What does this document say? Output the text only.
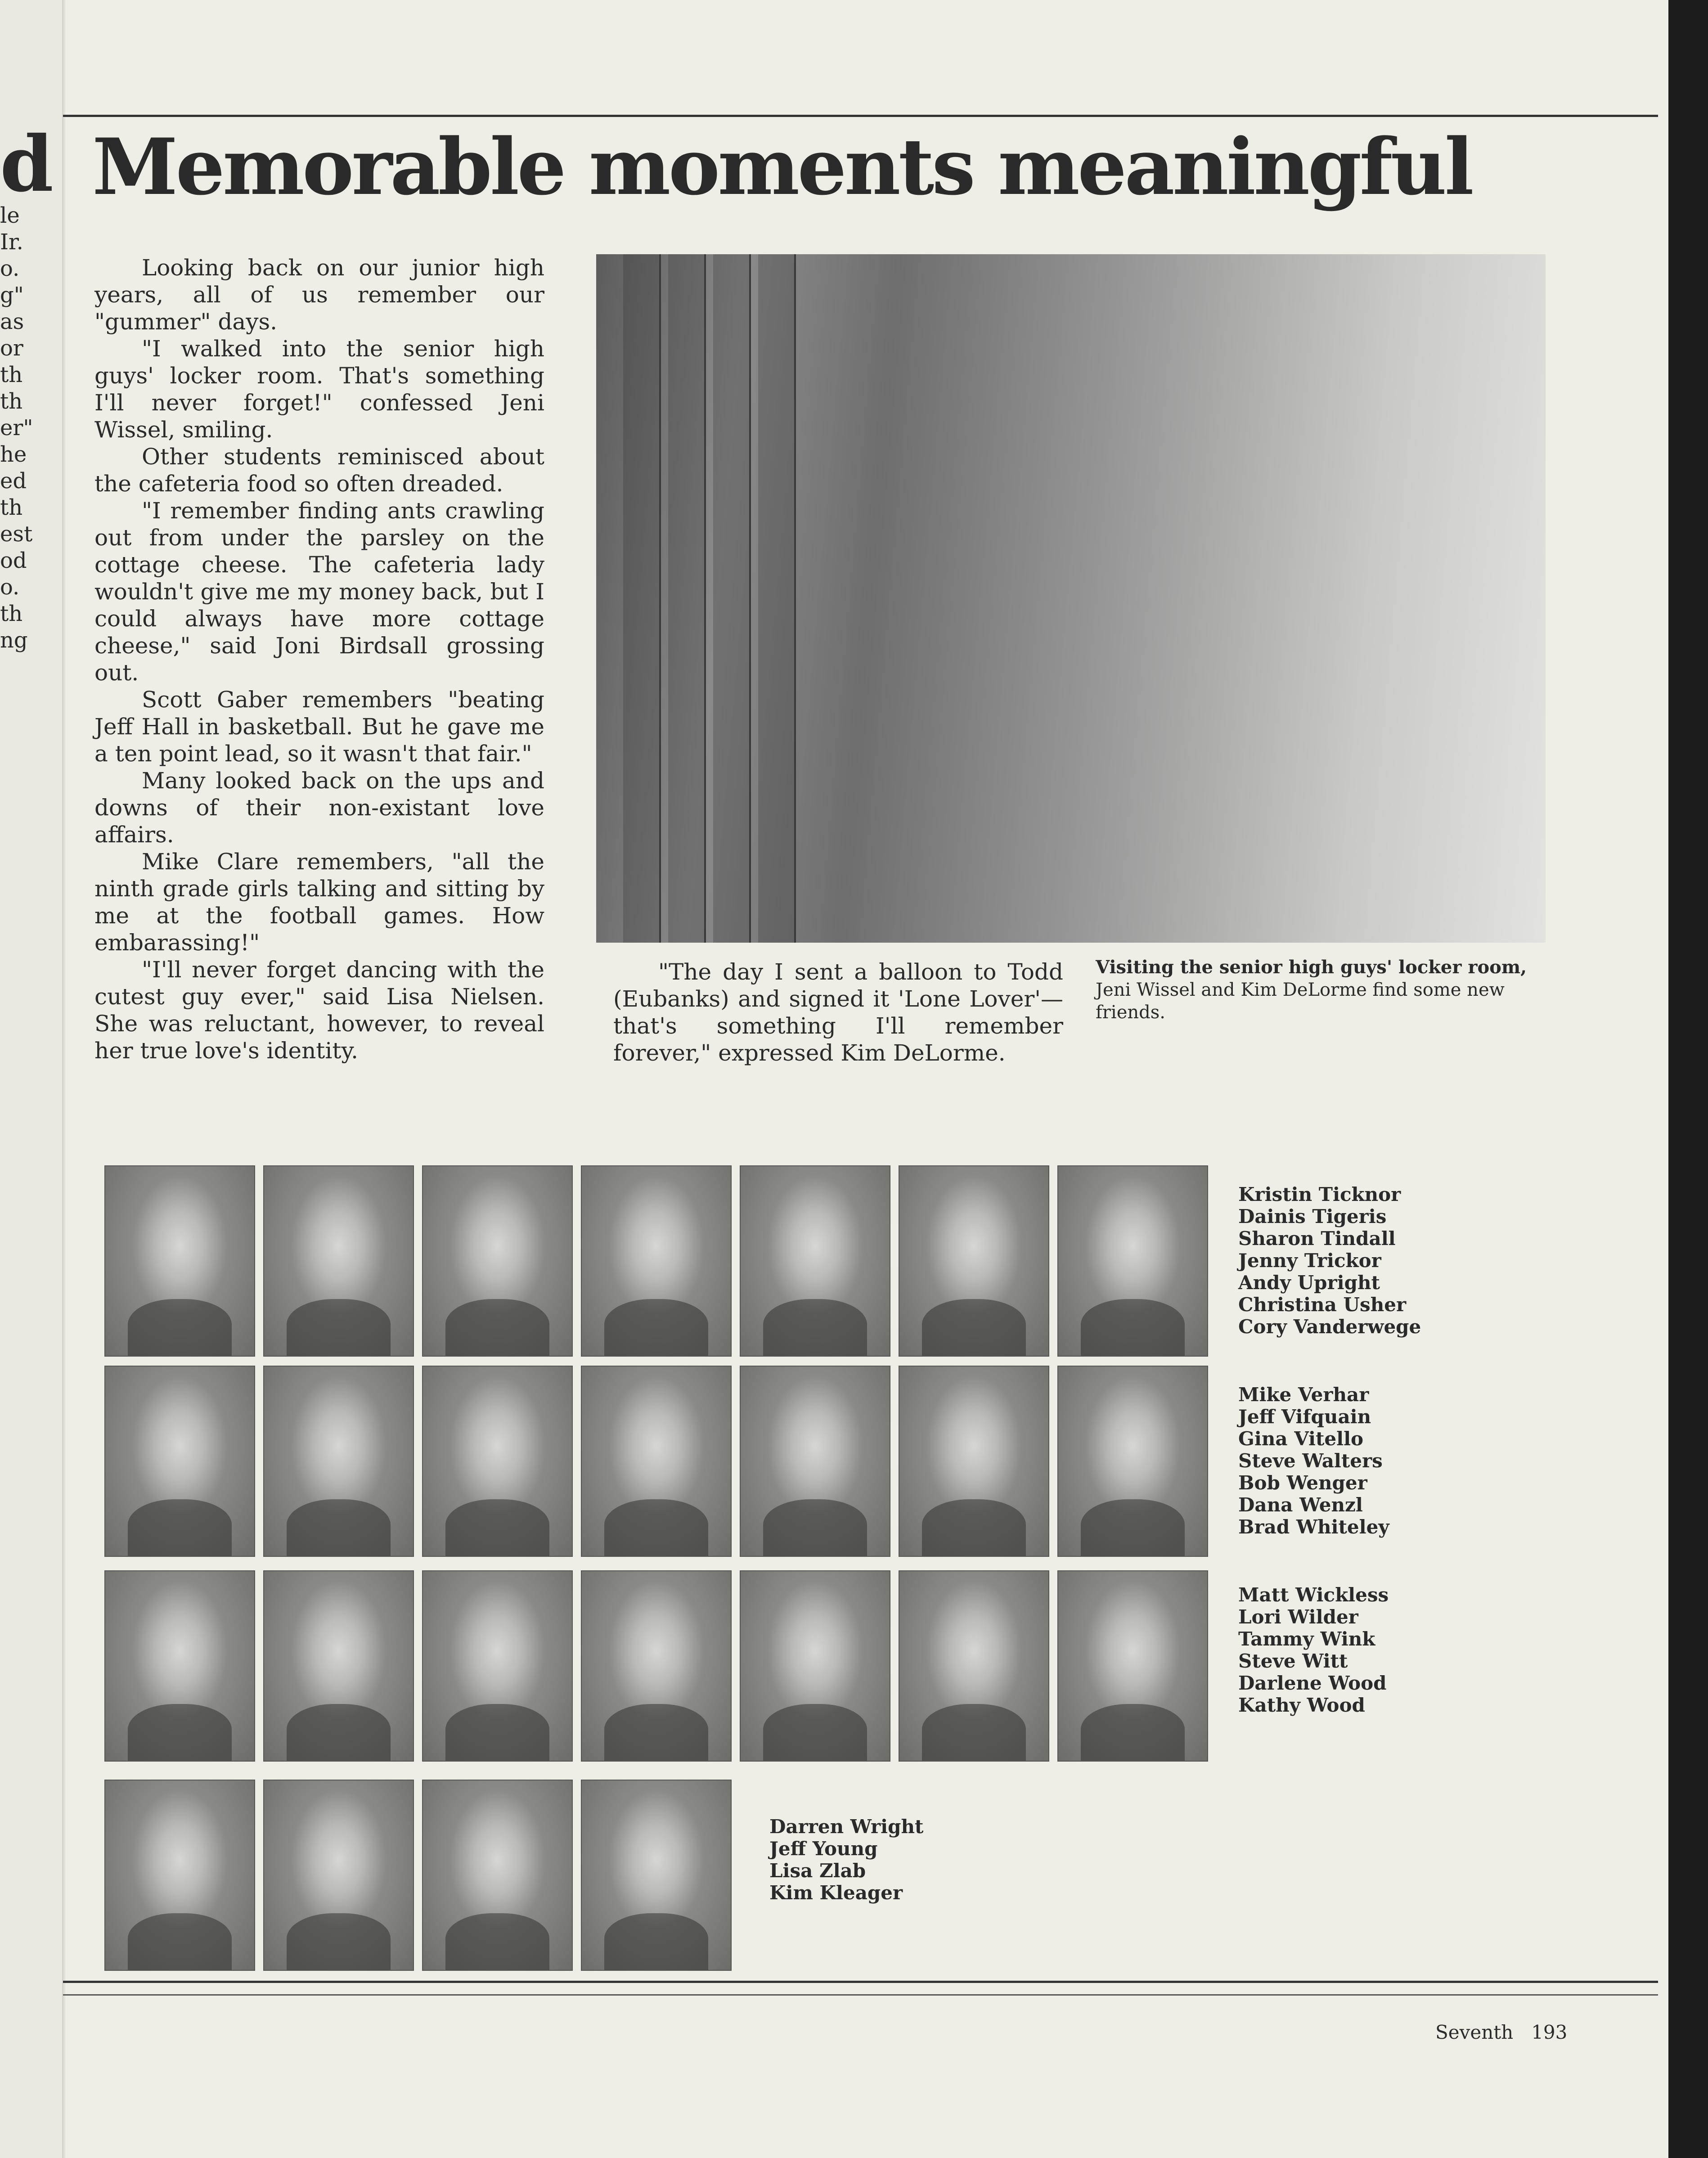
d
le
Ir.
o.
g"
as
or
th
th
er"
he
ed
th
est
od
o.
th
ng
Memorable moments meaningful

Looking back on our junior high years, all of us remember our "gummer" days.

"I walked into the senior high guys' locker room. That's something I'll never forget!" confessed Jeni Wissel, smiling.

Other students reminisced about the cafeteria food so often dreaded.

"I remember finding ants crawling out from under the parsley on the cottage cheese. The cafeteria lady wouldn't give me my money back, but I could always have more cottage cheese," said Joni Birdsall grossing out.

Scott Gaber remembers "beating Jeff Hall in basketball. But he gave me a ten point lead, so it wasn't that fair."

Many looked back on the ups and downs of their non-existant love affairs.

Mike Clare remembers, "all the ninth grade girls talking and sitting by me at the football games. How embarassing!"

"I'll never forget dancing with the cutest guy ever," said Lisa Nielsen. She was reluctant, however, to reveal her true love's identity.

"The day I sent a balloon to Todd (Eubanks) and signed it 'Lone Lover'—that's something I'll remember forever," expressed Kim DeLorme.

Visiting the senior high guys' locker room, Jeni Wissel and Kim DeLorme find some new friends.
Kristin Ticknor
Dainis Tigeris
Sharon Tindall
Jenny Trickor
Andy Upright
Christina Usher
Cory Vanderwege
Mike Verhar
Jeff Vifquain
Gina Vitello
Steve Walters
Bob Wenger
Dana Wenzl
Brad Whiteley
Matt Wickless
Lori Wilder
Tammy Wink
Steve Witt
Darlene Wood
Kathy Wood
Darren Wright
Jeff Young
Lisa Zlab
Kim Kleager
Seventh 193
